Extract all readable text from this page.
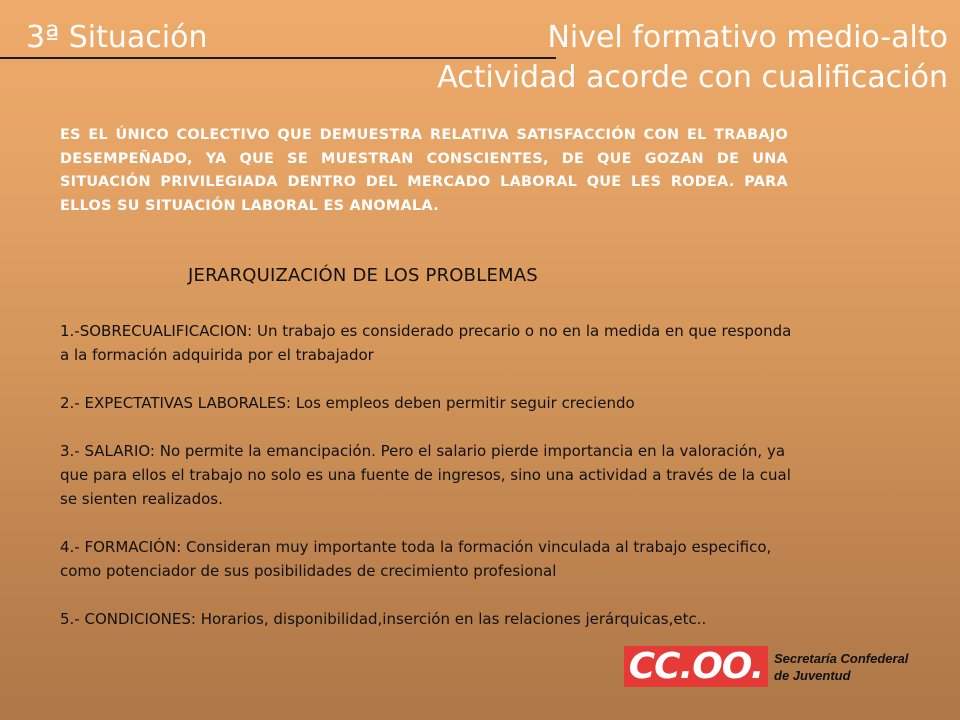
3ª Situación	Nivel formativo medio-alto
Actividad acorde con cualificación
ES EL ÚNICO COLECTIVO QUE DEMUESTRA RELATIVA SATISFACCIÓN CON EL TRABAJO DESEMPEÑADO, YA QUE SE MUESTRAN CONSCIENTES, DE QUE GOZAN DE UNA SITUACIÓN PRIVILEGIADA DENTRO DEL MERCADO LABORAL QUE LES RODEA. PARA ELLOS SU SITUACIÓN LABORAL ES ANOMALA.
JERARQUIZACIÓN DE LOS PROBLEMAS

1.-SOBRECUALIFICACION: Un trabajo es considerado precario o no en la medida en que responda a la formación adquirida por el trabajador

2.- EXPECTATIVAS LABORALES: Los empleos deben permitir seguir creciendo

3.- SALARIO: No permite la emancipación. Pero el salario pierde importancia en la valoración, ya que para ellos el trabajo no solo es una fuente de ingresos, sino una actividad a través de la cual se sienten realizados.

4.- FORMACIÓN: Consideran muy importante toda la formación vinculada al trabajo especifico, como potenciador de sus posibilidades de crecimiento profesional

5.- CONDICIONES: Horarios, disponibilidad,inserción en las relaciones jerárquicas,etc..

CC.OO. Secretaría Confederal
de Juventud
